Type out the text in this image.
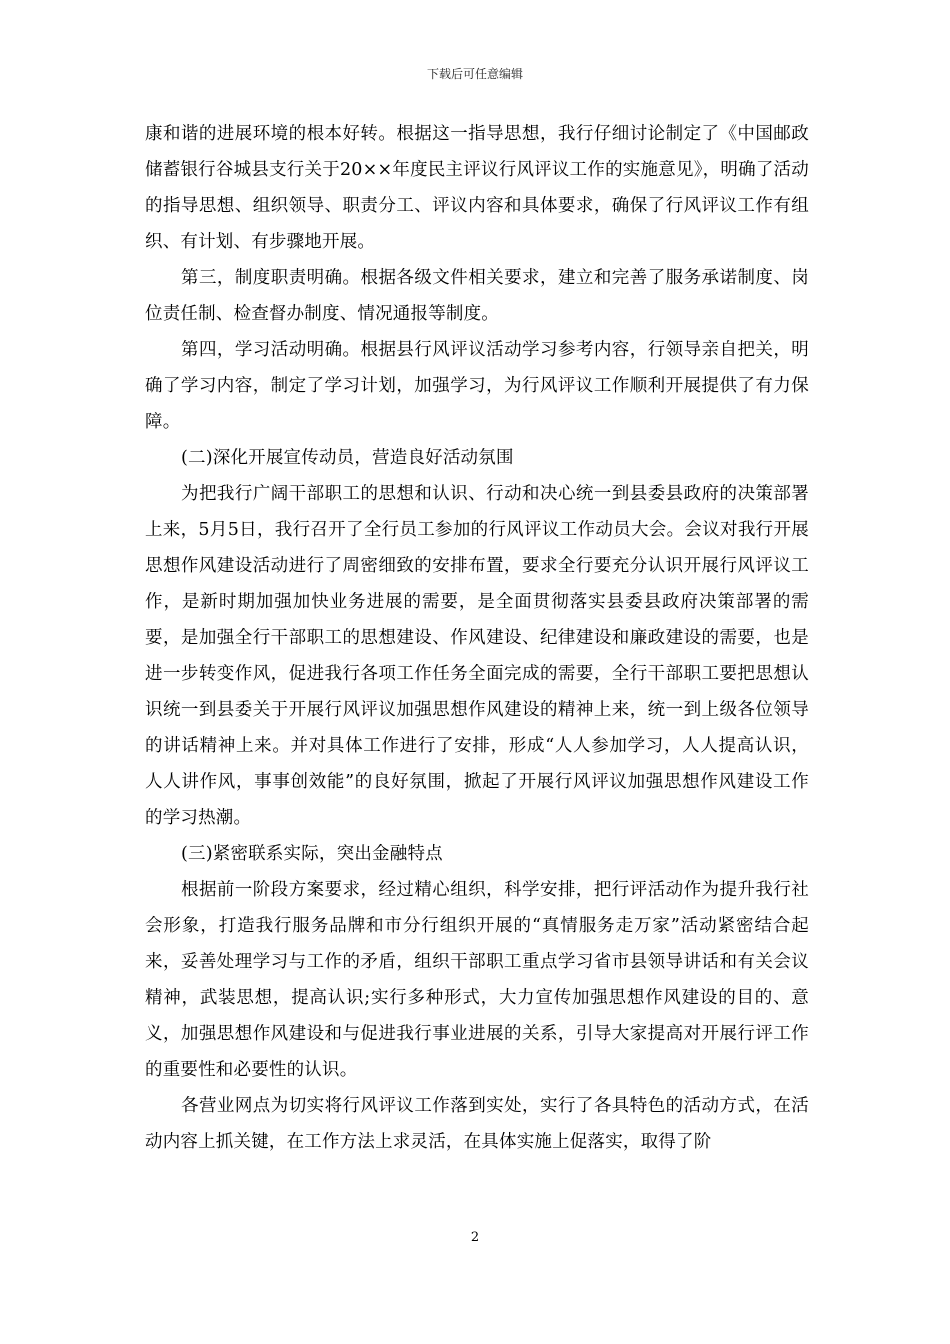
下载后可任意编辑

康和谐的进展环境的根本好转。根据这一指导思想，我行仔细讨论制定了《中国邮政储蓄银行谷城县支行关于20××年度民主评议行风评议工作的实施意见》，明确了活动的指导思想、组织领导、职责分工、评议内容和具体要求，确保了行风评议工作有组织、有计划、有步骤地开展。

第三，制度职责明确。根据各级文件相关要求，建立和完善了服务承诺制度、岗位责任制、检查督办制度、情况通报等制度。

第四，学习活动明确。根据县行风评议活动学习参考内容，行领导亲自把关，明确了学习内容，制定了学习计划，加强学习，为行风评议工作顺利开展提供了有力保障。

(二)深化开展宣传动员，营造良好活动氛围

为把我行广阔干部职工的思想和认识、行动和决心统一到县委县政府的决策部署上来，5月5日，我行召开了全行员工参加的行风评议工作动员大会。会议对我行开展思想作风建设活动进行了周密细致的安排布置，要求全行要充分认识开展行风评议工作，是新时期加强加快业务进展的需要，是全面贯彻落实县委县政府决策部署的需要，是加强全行干部职工的思想建设、作风建设、纪律建设和廉政建设的需要，也是进一步转变作风，促进我行各项工作任务全面完成的需要，全行干部职工要把思想认识统一到县委关于开展行风评议加强思想作风建设的精神上来，统一到上级各位领导的讲话精神上来。并对具体工作进行了安排，形成“人人参加学习，人人提高认识，人人讲作风，事事创效能”的良好氛围，掀起了开展行风评议加强思想作风建设工作的学习热潮。

(三)紧密联系实际，突出金融特点

根据前一阶段方案要求，经过精心组织，科学安排，把行评活动作为提升我行社会形象，打造我行服务品牌和市分行组织开展的“真情服务走万家”活动紧密结合起来，妥善处理学习与工作的矛盾，组织干部职工重点学习省市县领导讲话和有关会议精神，武装思想，提高认识;实行多种形式，大力宣传加强思想作风建设的目的、意义，加强思想作风建设和与促进我行事业进展的关系，引导大家提高对开展行评工作的重要性和必要性的认识。

各营业网点为切实将行风评议工作落到实处，实行了各具特色的活动方式，在活动内容上抓关键，在工作方法上求灵活，在具体实施上促落实，取得了阶

2
